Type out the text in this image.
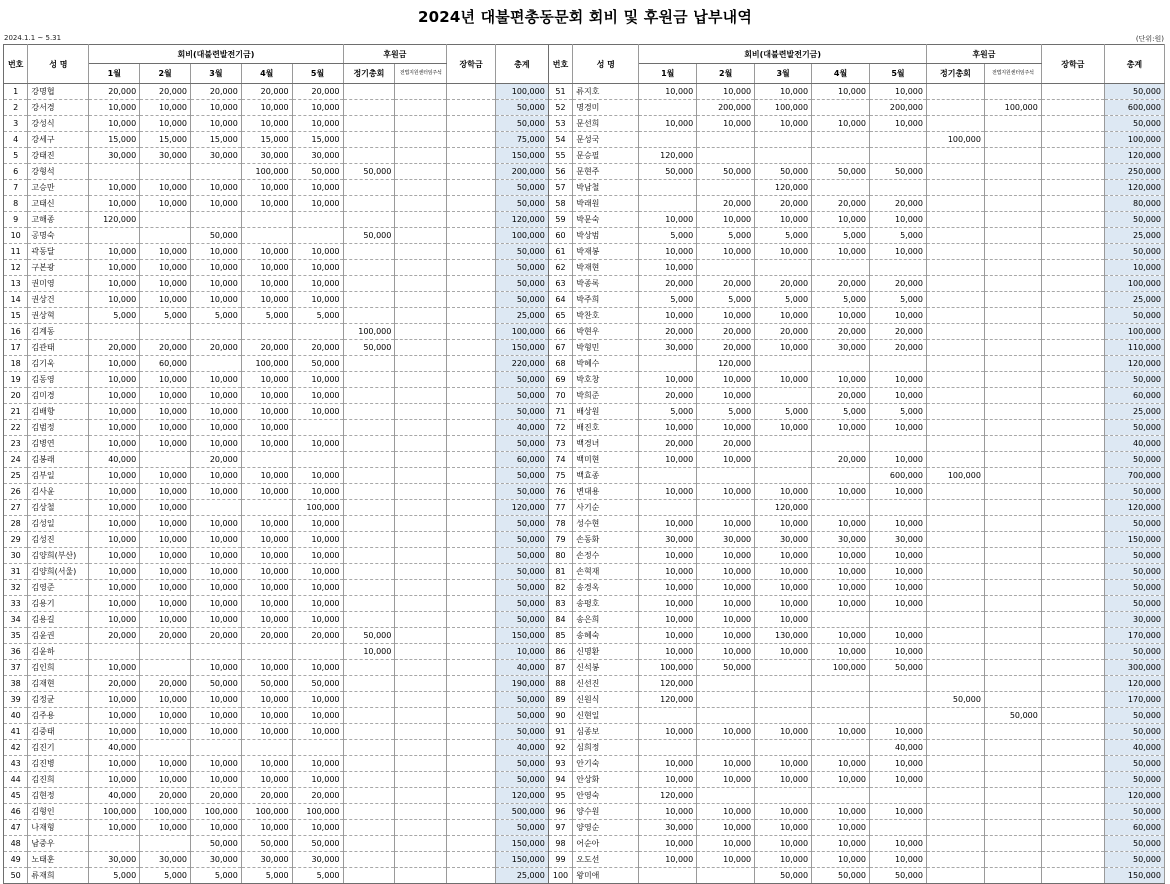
2024년 대불편총동문회 회비 및 후원금 납부내역
2024.1.1 ~ 5.31	(단위:원)
번호	성 명	회비(대불련발전기금)					후원금		장학금	총계	번호	성 명	회비(대불련발전기금)					후원금		장학금	총계
		1월	2월	3월	4월	5월	정기총회	전법지원센터임주석					1월	2월	3월	4월	5월	정기총회	전법지원센터임주석		
1	강명협	20,000	20,000	20,000	20,000	20,000				100,000	51	류지호	10,000	10,000	10,000	10,000	10,000				50,000
2	강서경	10,000	10,000	10,000	10,000	10,000				50,000	52	명경미		200,000	100,000		200,000		100,000		600,000
3	강성식	10,000	10,000	10,000	10,000	10,000				50,000	53	문선희	10,000	10,000	10,000	10,000	10,000				50,000
4	강세구	15,000	15,000	15,000	15,000	15,000				75,000	54	문성국						100,000			100,000
5	강태진	30,000	30,000	30,000	30,000	30,000				150,000	55	문승필	120,000								120,000
6	강형석				100,000	50,000	50,000			200,000	56	문현주	50,000	50,000	50,000	50,000	50,000				250,000
7	고승만	10,000	10,000	10,000	10,000	10,000				50,000	57	박남철			120,000						120,000
8	고태신	10,000	10,000	10,000	10,000	10,000				50,000	58	박래원		20,000	20,000	20,000	20,000				80,000
9	고해종	120,000								120,000	59	박문숙	10,000	10,000	10,000	10,000	10,000				50,000
10	공명숙			50,000			50,000			100,000	60	박상범	5,000	5,000	5,000	5,000	5,000				25,000
11	곽동달	10,000	10,000	10,000	10,000	10,000				50,000	61	박재봉	10,000	10,000	10,000	10,000	10,000				50,000
12	구본광	10,000	10,000	10,000	10,000	10,000				50,000	62	박재현	10,000								10,000
13	권미영	10,000	10,000	10,000	10,000	10,000				50,000	63	박종록	20,000	20,000	20,000	20,000	20,000				100,000
14	권상건	10,000	10,000	10,000	10,000	10,000				50,000	64	박주희	5,000	5,000	5,000	5,000	5,000				25,000
15	권상혁	5,000	5,000	5,000	5,000	5,000				25,000	65	박찬호	10,000	10,000	10,000	10,000	10,000				50,000
16	김계동						100,000			100,000	66	박현우	20,000	20,000	20,000	20,000	20,000				100,000
17	김관태	20,000	20,000	20,000	20,000	20,000	50,000			150,000	67	박형민	30,000	20,000	10,000	30,000	20,000				110,000
18	김기욱	10,000	60,000		100,000	50,000				220,000	68	박혜수		120,000							120,000
19	김동영	10,000	10,000	10,000	10,000	10,000				50,000	69	박호창	10,000	10,000	10,000	10,000	10,000				50,000
20	김미경	10,000	10,000	10,000	10,000	10,000				50,000	70	박희준	20,000	10,000		20,000	10,000				60,000
21	김배향	10,000	10,000	10,000	10,000	10,000				50,000	71	배상원	5,000	5,000	5,000	5,000	5,000				25,000
22	김범정	10,000	10,000	10,000	10,000					40,000	72	배진호	10,000	10,000	10,000	10,000	10,000				50,000
23	김병연	10,000	10,000	10,000	10,000	10,000				50,000	73	백경녀	20,000	20,000							40,000
24	김봉래	40,000		20,000						60,000	74	백미현	10,000	10,000		20,000	10,000				50,000
25	김부일	10,000	10,000	10,000	10,000	10,000				50,000	75	백효종					600,000	100,000			700,000
26	김사윤	10,000	10,000	10,000	10,000	10,000				50,000	76	변대용	10,000	10,000	10,000	10,000	10,000				50,000
27	김상철	10,000	10,000			100,000				120,000	77	사기순			120,000						120,000
28	김성일	10,000	10,000	10,000	10,000	10,000				50,000	78	성수현	10,000	10,000	10,000	10,000	10,000				50,000
29	김성진	10,000	10,000	10,000	10,000	10,000				50,000	79	손동화	30,000	30,000	30,000	30,000	30,000				150,000
30	김양희(부산)	10,000	10,000	10,000	10,000	10,000				50,000	80	손정수	10,000	10,000	10,000	10,000	10,000				50,000
31	김양희(서울)	10,000	10,000	10,000	10,000	10,000				50,000	81	손혁재	10,000	10,000	10,000	10,000	10,000				50,000
32	김영준	10,000	10,000	10,000	10,000	10,000				50,000	82	송경옥	10,000	10,000	10,000	10,000	10,000				50,000
33	김용기	10,000	10,000	10,000	10,000	10,000				50,000	83	송평호	10,000	10,000	10,000	10,000	10,000				50,000
34	김용길	10,000	10,000	10,000	10,000	10,000				50,000	84	송은희	10,000	10,000	10,000						30,000
35	김윤권	20,000	20,000	20,000	20,000	20,000	50,000			150,000	85	송혜숙	10,000	10,000	130,000	10,000	10,000				170,000
36	김윤하						10,000			10,000	86	신명환	10,000	10,000	10,000	10,000	10,000				50,000
37	김인희	10,000		10,000	10,000	10,000				40,000	87	신석봉	100,000	50,000		100,000	50,000				300,000
38	김재현	20,000	20,000	50,000	50,000	50,000				190,000	88	신선진	120,000								120,000
39	김정균	10,000	10,000	10,000	10,000	10,000				50,000	89	신원식	120,000					50,000			170,000
40	김주용	10,000	10,000	10,000	10,000	10,000				50,000	90	신현일							50,000		50,000
41	김중태	10,000	10,000	10,000	10,000	10,000				50,000	91	심종보	10,000	10,000	10,000	10,000	10,000				50,000
42	김진기	40,000								40,000	92	심희정					40,000				40,000
43	김진병	10,000	10,000	10,000	10,000	10,000				50,000	93	안기숙	10,000	10,000	10,000	10,000	10,000				50,000
44	김진희	10,000	10,000	10,000	10,000	10,000				50,000	94	안상화	10,000	10,000	10,000	10,000	10,000				50,000
45	김현정	40,000	20,000	20,000	20,000	20,000				120,000	95	안영숙	120,000								120,000
46	김형인	100,000	100,000	100,000	100,000	100,000				500,000	96	양수원	10,000	10,000	10,000	10,000	10,000				50,000
47	나재형	10,000	10,000	10,000	10,000	10,000				50,000	97	양영순	30,000	10,000	10,000	10,000					60,000
48	남중우			50,000	50,000	50,000				150,000	98	어순아	10,000	10,000	10,000	10,000	10,000				50,000
49	노태훈	30,000	30,000	30,000	30,000	30,000				150,000	99	오도선	10,000	10,000	10,000	10,000	10,000				50,000
50	류재희	5,000	5,000	5,000	5,000	5,000				25,000	100	왕미애			50,000	50,000	50,000				150,000
